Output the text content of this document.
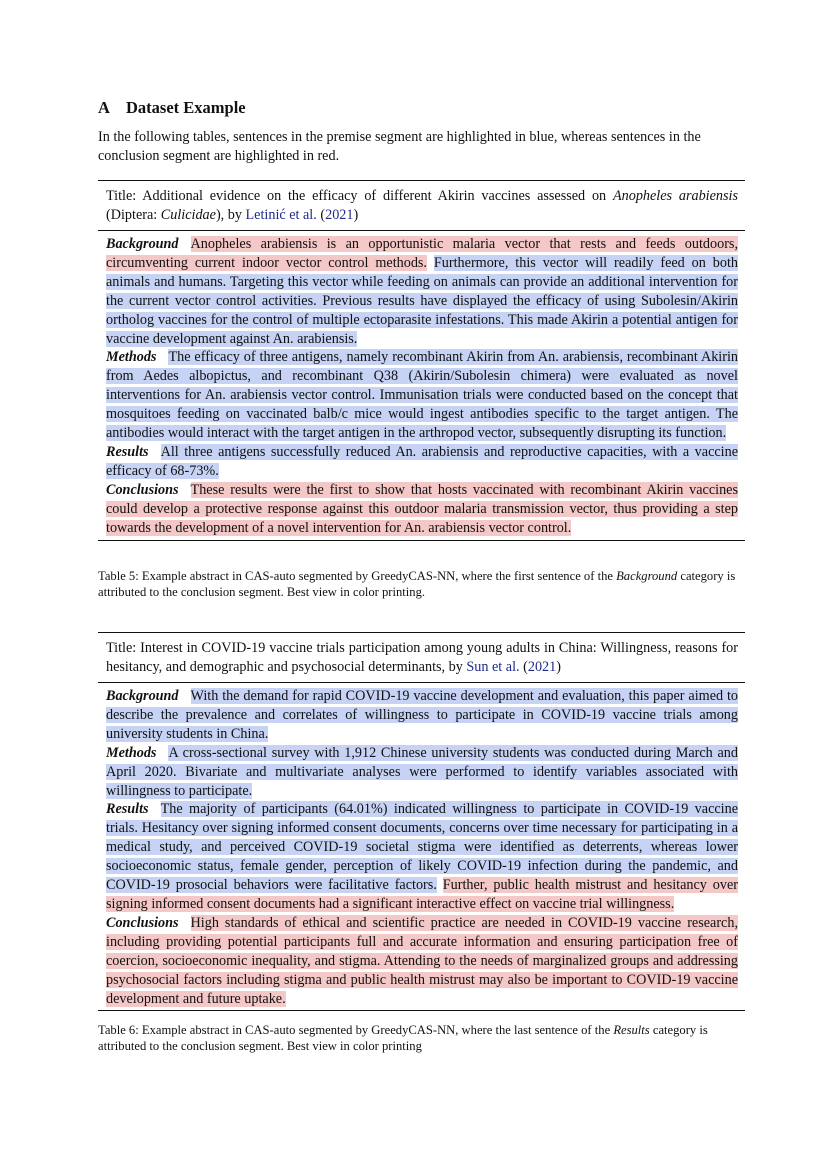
A Dataset Example
In the following tables, sentences in the premise segment are highlighted in blue, whereas sentences in the conclusion segment are highlighted in red.
Title: Additional evidence on the efficacy of different Akirin vaccines assessed on Anopheles arabiensis (Diptera: Culicidae), by Letinić et al. (2021)

Background Anopheles arabiensis is an opportunistic malaria vector that rests and feeds outdoors, circumventing current indoor vector control methods. Furthermore, this vector will readily feed on both animals and humans. Targeting this vector while feeding on animals can provide an additional intervention for the current vector control activities. Previous results have displayed the efficacy of using Subolesin/Akirin ortholog vaccines for the control of multiple ectoparasite infestations. This made Akirin a potential antigen for vaccine development against An. arabiensis.

Methods The efficacy of three antigens, namely recombinant Akirin from An. arabiensis, recombinant Akirin from Aedes albopictus, and recombinant Q38 (Akirin/Subolesin chimera) were evaluated as novel interventions for An. arabiensis vector control. Immunisation trials were conducted based on the concept that mosquitoes feeding on vaccinated balb/c mice would ingest antibodies specific to the target antigen. The antibodies would interact with the target antigen in the arthropod vector, subsequently disrupting its function.

Results All three antigens successfully reduced An. arabiensis and reproductive capacities, with a vaccine efficacy of 68-73%.

Conclusions These results were the first to show that hosts vaccinated with recombinant Akirin vaccines could develop a protective response against this outdoor malaria transmission vector, thus providing a step towards the development of a novel intervention for An. arabiensis vector control.

Table 5: Example abstract in CAS-auto segmented by GreedyCAS-NN, where the first sentence of the Background category is attributed to the conclusion segment. Best view in color printing.
Title: Interest in COVID-19 vaccine trials participation among young adults in China: Willingness, reasons for hesitancy, and demographic and psychosocial determinants, by Sun et al. (2021)

Background With the demand for rapid COVID-19 vaccine development and evaluation, this paper aimed to describe the prevalence and correlates of willingness to participate in COVID-19 vaccine trials among university students in China.

Methods A cross-sectional survey with 1,912 Chinese university students was conducted during March and April 2020. Bivariate and multivariate analyses were performed to identify variables associated with willingness to participate.

Results The majority of participants (64.01%) indicated willingness to participate in COVID-19 vaccine trials. Hesitancy over signing informed consent documents, concerns over time necessary for participating in a medical study, and perceived COVID-19 societal stigma were identified as deterrents, whereas lower socioeconomic status, female gender, perception of likely COVID-19 infection during the pandemic, and COVID-19 prosocial behaviors were facilitative factors. Further, public health mistrust and hesitancy over signing informed consent documents had a significant interactive effect on vaccine trial willingness.

Conclusions High standards of ethical and scientific practice are needed in COVID-19 vaccine research, including providing potential participants full and accurate information and ensuring participation free of coercion, socioeconomic inequality, and stigma. Attending to the needs of marginalized groups and addressing psychosocial factors including stigma and public health mistrust may also be important to COVID-19 vaccine development and future uptake.

Table 6: Example abstract in CAS-auto segmented by GreedyCAS-NN, where the last sentence of the Results category is attributed to the conclusion segment. Best view in color printing
